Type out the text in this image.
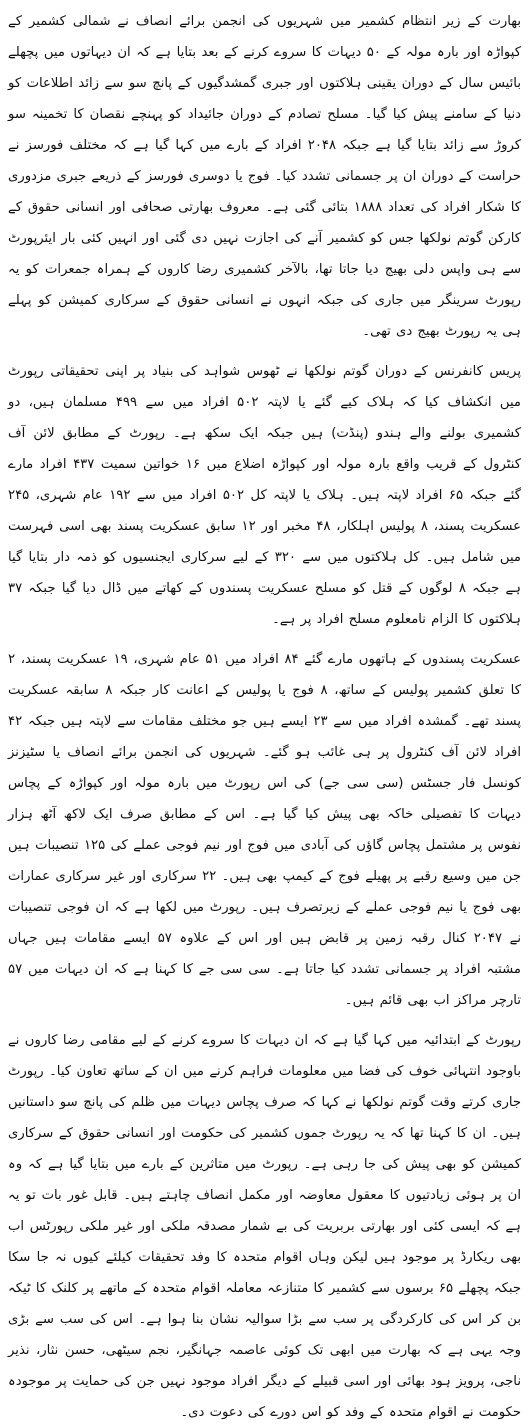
بھارت کے زیر انتظام کشمیر میں شہریوں کی انجمن برائے انصاف نے شمالی کشمیر کے کپواڑہ اور بارہ مولہ کے ۵۰ دیہات کا سروے کرنے کے بعد بتایا ہے کہ ان دیہاتوں میں پچھلے بائیس سال کے دوران یقینی ہلاکتوں اور جبری گمشدگیوں کے پانچ سو سے زائد اطلاعات کو دنیا کے سامنے پیش کیا گیا۔ مسلح تصادم کے دوران جائیداد کو پہنچے نقصان کا تخمینہ سو کروڑ سے زائد بتایا گیا ہے جبکہ ۲۰۴۸ افراد کے بارے میں کہا گیا ہے کہ مختلف فورسز نے حراست کے دوران ان پر جسمانی تشدد کیا۔ فوج یا دوسری فورسز کے ذریعے جبری مزدوری کا شکار افراد کی تعداد ۱۸۸۸ بتائی گئی ہے۔ معروف بھارتی صحافی اور انسانی حقوق کے کارکن گوتم نولکھا جس کو کشمیر آنے کی اجازت نہیں دی گئی اور انہیں کئی بار ایئرپورٹ سے ہی واپس دلی بھیج دیا جاتا تھا، بالآخر کشمیری رضا کاروں کے ہمراہ جمعرات کو یہ رپورٹ سرینگر میں جاری کی جبکہ انہوں نے انسانی حقوق کے سرکاری کمیشن کو پہلے ہی یہ رپورٹ بھیج دی تھی۔

پریس کانفرنس کے دوران گوتم نولکھا نے ٹھوس شواہد کی بنیاد پر اپنی تحقیقاتی رپورٹ میں انکشاف کیا کہ ہلاک کیے گئے یا لاپتہ ۵۰۲ افراد میں سے ۴۹۹ مسلمان ہیں، دو کشمیری بولنے والے ہندو (پنڈت) ہیں جبکہ ایک سکھ ہے۔ رپورٹ کے مطابق لائن آف کنٹرول کے قریب واقع بارہ مولہ اور کپواڑہ اضلاع میں ۱۶ خواتین سمیت ۴۳۷ افراد مارے گئے جبکہ ۶۵ افراد لاپتہ ہیں۔ ہلاک یا لاپتہ کل ۵۰۲ افراد میں سے ۱۹۲ عام شہری، ۲۴۵ عسکریت پسند، ۸ پولیس اہلکار، ۴۸ مخبر اور ۱۲ سابق عسکریت پسند بھی اسی فہرست میں شامل ہیں۔ کل ہلاکتوں میں سے ۳۲۰ کے لیے سرکاری ایجنسیوں کو ذمہ دار بتایا گیا ہے جبکہ ۸ لوگوں کے قتل کو مسلح عسکریت پسندوں کے کھاتے میں ڈال دیا گیا جبکہ ۳۷ ہلاکتوں کا الزام نامعلوم مسلح افراد پر ہے۔

عسکریت پسندوں کے ہاتھوں مارے گئے ۸۴ افراد میں ۵۱ عام شہری، ۱۹ عسکریت پسند، ۲ کا تعلق کشمیر پولیس کے ساتھ، ۸ فوج یا پولیس کے اعانت کار جبکہ ۸ سابقہ عسکریت پسند تھے۔ گمشدہ افراد میں سے ۲۳ ایسے ہیں جو مختلف مقامات سے لاپتہ ہیں جبکہ ۴۲ افراد لائن آف کنٹرول پر ہی غائب ہو گئے۔ شہریوں کی انجمن برائے انصاف یا سٹیزنز کونسل فار جسٹس (سی سی جے) کی اس رپورٹ میں بارہ مولہ اور کپواڑہ کے پچاس دیہات کا تفصیلی خاکہ بھی پیش کیا گیا ہے۔ اس کے مطابق صرف ایک لاکھ آٹھ ہزار نفوس پر مشتمل پچاس گاؤں کی آبادی میں فوج اور نیم فوجی عملے کی ۱۲۵ تنصیبات ہیں جن میں وسیع رقبے پر پھیلے فوج کے کیمپ بھی ہیں۔ ۲۲ سرکاری اور غیر سرکاری عمارات بھی فوج یا نیم فوجی عملے کے زیرتصرف ہیں۔ رپورٹ میں لکھا ہے کہ ان فوجی تنصیبات نے ۲۰۴۷ کنال رقبہ زمین پر قابض ہیں اور اس کے علاوہ ۵۷ ایسے مقامات ہیں جہاں مشتبہ افراد پر جسمانی تشدد کیا جاتا ہے۔ سی سی جے کا کہنا ہے کہ ان دیہات میں ۵۷ تارچر مراکز اب بھی قائم ہیں۔

رپورٹ کے ابتدائیہ میں کہا گیا ہے کہ ان دیہات کا سروے کرنے کے لیے مقامی رضا کاروں نے باوجود انتہائی خوف کی فضا میں معلومات فراہم کرنے میں ان کے ساتھ تعاون کیا۔ رپورٹ جاری کرتے وقت گوتم نولکھا نے کہا کہ صرف پچاس دیہات میں ظلم کی پانچ سو داستانیں ہیں۔ ان کا کہنا تھا کہ یہ رپورٹ جموں کشمیر کی حکومت اور انسانی حقوق کے سرکاری کمیشن کو بھی پیش کی جا رہی ہے۔ رپورٹ میں متاثرین کے بارے میں بتایا گیا ہے کہ وہ ان پر ہوئی زیادتیوں کا معقول معاوضہ اور مکمل انصاف چاہتے ہیں۔ قابل غور بات تو یہ ہے کہ ایسی کئی اور بھارتی بربریت کی بے شمار مصدقہ ملکی اور غیر ملکی رپورٹس اب بھی ریکارڈ پر موجود ہیں لیکن وہاں اقوام متحدہ کا وفد تحقیقات کیلئے کیوں نہ جا سکا جبکہ پچھلے ۶۵ برسوں سے کشمیر کا متنازعہ معاملہ اقوام متحدہ کے ماتھے پر کلنک کا ٹیکہ بن کر اس کی کارکردگی پر سب سے بڑا سوالیہ نشان بنا ہوا ہے۔ اس کی سب سے بڑی وجہ یہی ہے کہ بھارت میں ابھی تک کوئی عاصمہ جہانگیر، نجم سیٹھی، حسن نثار، نذیر ناجی، پرویز ہود بھائی اور اسی قبیلے کے دیگر افراد موجود نہیں جن کی حمایت پر موجودہ حکومت نے اقوام متحدہ کے وفد کو اس دورے کی دعوت دی۔
